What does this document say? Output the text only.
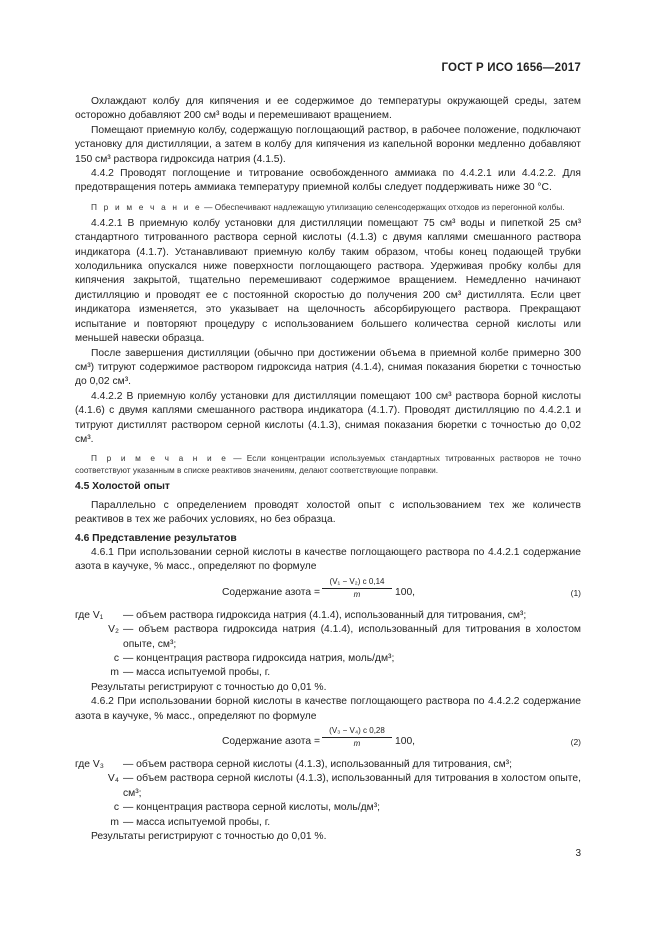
ГОСТ Р ИСО 1656—2017

Охлаждают колбу для кипячения и ее содержимое до температуры окружающей среды, затем осторожно добавляют 200 см³ воды и перемешивают вращением.

Помещают приемную колбу, содержащую поглощающий раствор, в рабочее положение, подключают установку для дистилляции, а затем в колбу для кипячения из капельной воронки медленно добавляют 150 см³ раствора гидроксида натрия (4.1.5).

4.4.2 Проводят поглощение и титрование освобожденного аммиака по 4.4.2.1 или 4.4.2.2. Для предотвращения потерь аммиака температуру приемной колбы следует поддерживать ниже 30 °С.

П р и м е ч а н и е — Обеспечивают надлежащую утилизацию селенсодержащих отходов из перегонной колбы.

4.4.2.1 В приемную колбу установки для дистилляции помещают 75 см³ воды и пипеткой 25 см³ стандартного титрованного раствора серной кислоты (4.1.3) с двумя каплями смешанного раствора индикатора (4.1.7). Устанавливают приемную колбу таким образом, чтобы конец подающей трубки холодильника опускался ниже поверхности поглощающего раствора. Удерживая пробку колбы для кипячения закрытой, тщательно перемешивают содержимое вращением. Немедленно начинают дистилляцию и проводят ее с постоянной скоростью до получения 200 см³ дистиллята. Если цвет индикатора изменяется, это указывает на щелочность абсорбирующего раствора. Прекращают испытание и повторяют процедуру с использованием большего количества серной кислоты или меньшей навески образца.

После завершения дистилляции (обычно при достижении объема в приемной колбе примерно 300 см³) титруют содержимое раствором гидроксида натрия (4.1.4), снимая показания бюретки с точностью до 0,02 см³.

4.4.2.2 В приемную колбу установки для дистилляции помещают 100 см³ раствора борной кислоты (4.1.6) с двумя каплями смешанного раствора индикатора (4.1.7). Проводят дистилляцию по 4.4.2.1 и титруют дистиллят раствором серной кислоты (4.1.3), снимая показания бюретки с точностью до 0,02 см³.

П р и м е ч а н и е — Если концентрации используемых стандартных титрованных растворов не точно соответствуют указанным в списке реактивов значениям, делают соответствующие поправки.

4.5 Холостой опыт

Параллельно с определением проводят холостой опыт с использованием тех же количеств реактивов в тех же рабочих условиях, но без образца.

4.6 Представление результатов

4.6.1 При использовании серной кислоты в качестве поглощающего раствора по 4.4.2.1 содержание азота в каучуке, % масс., определяют по формуле

Содержание азота = $\frac{\text{(V₁ − V₂) c 0,14}}{m} 100$,	(1)
где V₁	— объем раствора гидроксида натрия (4.1.4), использованный для титрования, см³;
V₂ — объем раствора гидроксида натрия (4.1.4), использованный для титрования в холостом опыте, см³;
c — концентрация раствора гидроксида натрия, моль/дм³;
m — масса испытуемой пробы, г.

Результаты регистрируют с точностью до 0,01 %.

4.6.2 При использовании борной кислоты в качестве поглощающего раствора по 4.4.2.2 содержание азота в каучуке, % масс., определяют по формуле

Содержание азота = $\frac{\text{(V₃ − V₄) c 0,28}}{m} 100$,	(2)
где V₃	— объем раствора серной кислоты (4.1.3), использованный для титрования, см³;
V₄ — объем раствора серной кислоты (4.1.3), использованный для титрования в холостом опыте, см³;
c — концентрация раствора серной кислоты, моль/дм³;
m — масса испытуемой пробы, г.

Результаты регистрируют с точностью до 0,01 %.

3
